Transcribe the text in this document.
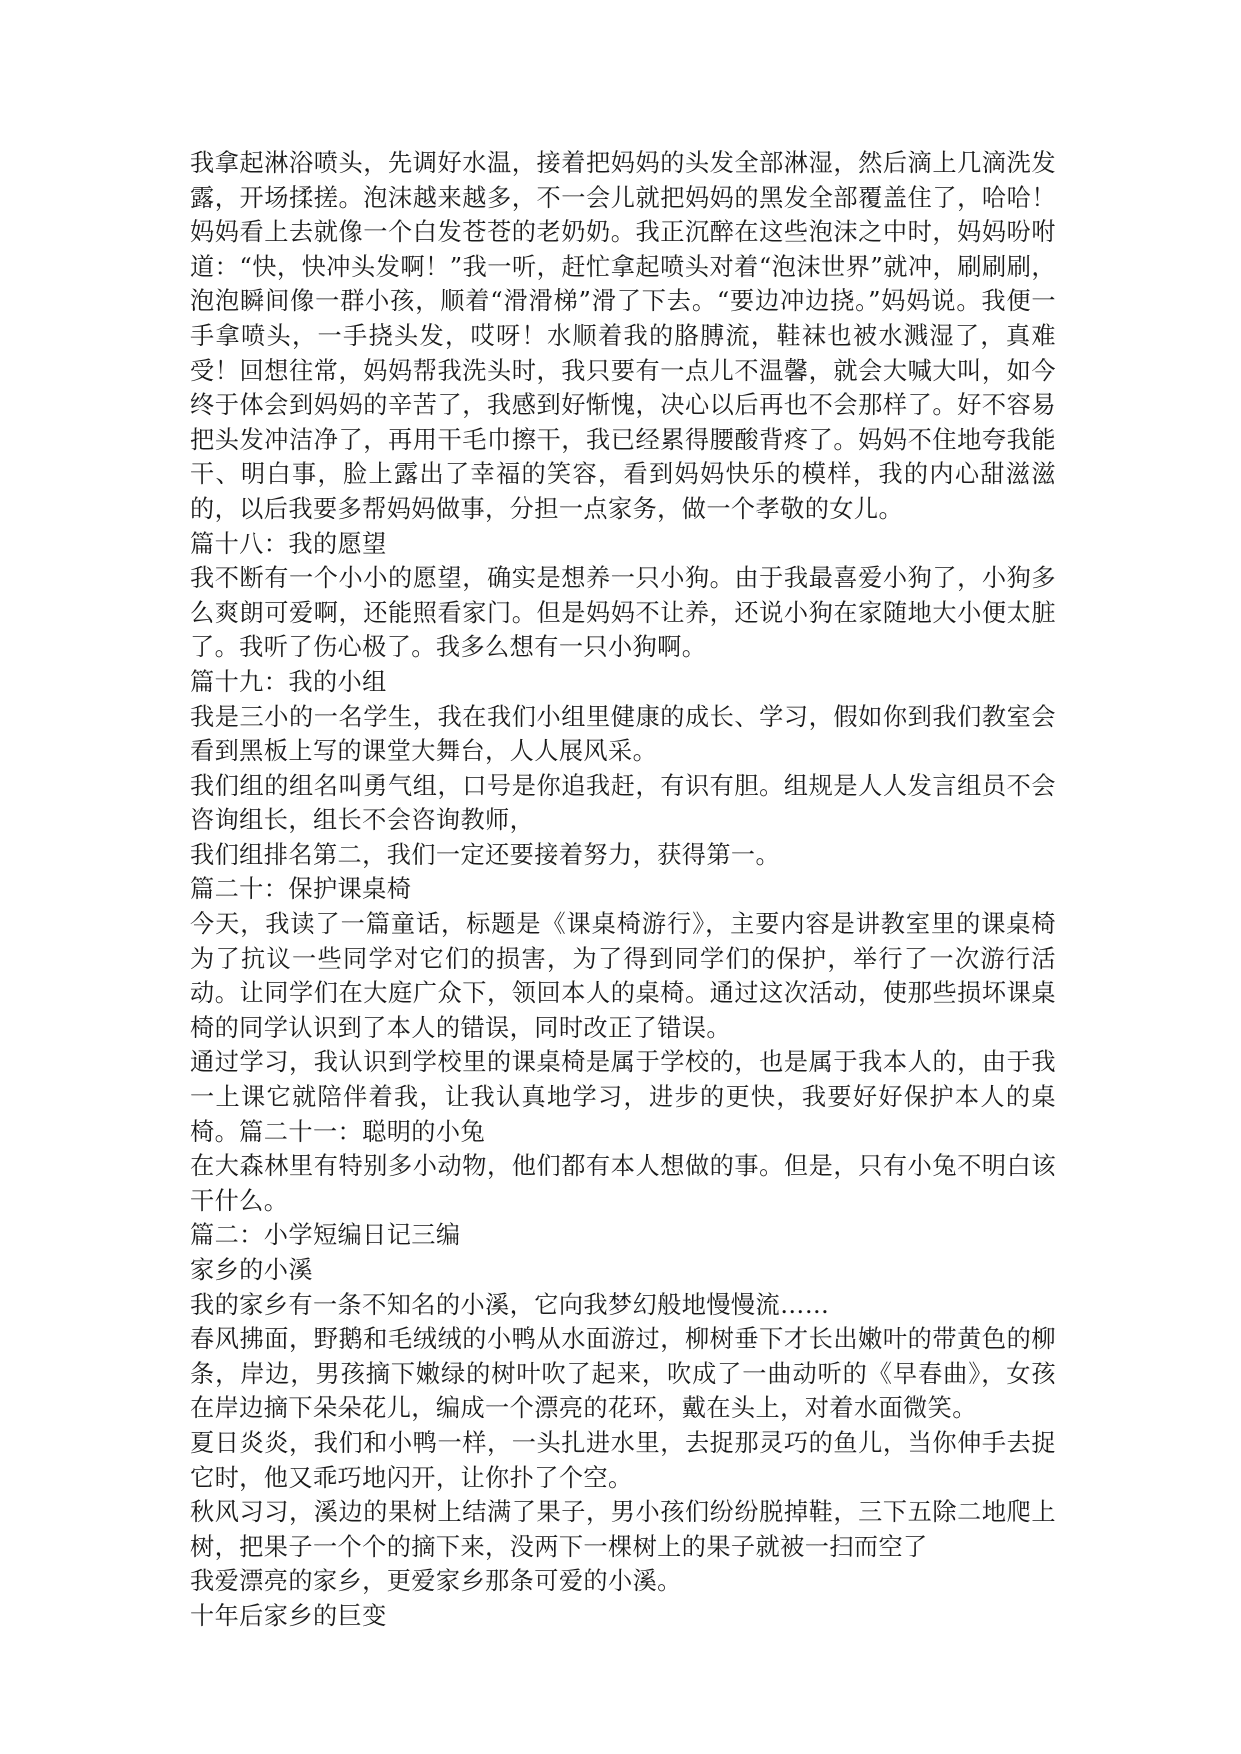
我拿起淋浴喷头，先调好水温，接着把妈妈的头发全部淋湿，然后滴上几滴洗发露，开场揉搓。泡沫越来越多，不一会儿就把妈妈的黑发全部覆盖住了，哈哈！妈妈看上去就像一个白发苍苍的老奶奶。我正沉醉在这些泡沫之中时，妈妈吩咐道：“快，快冲头发啊！”我一听，赶忙拿起喷头对着“泡沫世界”就冲，刷刷刷，泡泡瞬间像一群小孩，顺着“滑滑梯”滑了下去。“要边冲边挠。”妈妈说。我便一手拿喷头，一手挠头发，哎呀！水顺着我的胳膊流，鞋袜也被水溅湿了，真难受！回想往常，妈妈帮我洗头时，我只要有一点儿不温馨，就会大喊大叫，如今终于体会到妈妈的辛苦了，我感到好惭愧，决心以后再也不会那样了。好不容易把头发冲洁净了，再用干毛巾擦干，我已经累得腰酸背疼了。妈妈不住地夸我能干、明白事，脸上露出了幸福的笑容，看到妈妈快乐的模样，我的内心甜滋滋的，以后我要多帮妈妈做事，分担一点家务，做一个孝敬的女儿。

篇十八：我的愿望

我不断有一个小小的愿望，确实是想养一只小狗。由于我最喜爱小狗了，小狗多么爽朗可爱啊，还能照看家门。但是妈妈不让养，还说小狗在家随地大小便太脏了。我听了伤心极了。我多么想有一只小狗啊。

篇十九：我的小组

我是三小的一名学生，我在我们小组里健康的成长、学习，假如你到我们教室会看到黑板上写的课堂大舞台，人人展风采。

我们组的组名叫勇气组，口号是你追我赶，有识有胆。组规是人人发言组员不会咨询组长，组长不会咨询教师，

我们组排名第二，我们一定还要接着努力，获得第一。

篇二十：保护课桌椅

今天，我读了一篇童话，标题是《课桌椅游行》，主要内容是讲教室里的课桌椅为了抗议一些同学对它们的损害，为了得到同学们的保护，举行了一次游行活动。让同学们在大庭广众下，领回本人的桌椅。通过这次活动，使那些损坏课桌椅的同学认识到了本人的错误，同时改正了错误。

通过学习，我认识到学校里的课桌椅是属于学校的，也是属于我本人的，由于我一上课它就陪伴着我，让我认真地学习，进步的更快，我要好好保护本人的桌椅。篇二十一：聪明的小兔

在大森林里有特别多小动物，他们都有本人想做的事。但是，只有小兔不明白该干什么。

篇二：小学短编日记三编

家乡的小溪

我的家乡有一条不知名的小溪，它向我梦幻般地慢慢流……

春风拂面，野鹅和毛绒绒的小鸭从水面游过，柳树垂下才长出嫩叶的带黄色的柳条，岸边，男孩摘下嫩绿的树叶吹了起来，吹成了一曲动听的《早春曲》，女孩在岸边摘下朵朵花儿，编成一个漂亮的花环，戴在头上，对着水面微笑。

夏日炎炎，我们和小鸭一样，一头扎进水里，去捉那灵巧的鱼儿，当你伸手去捉它时，他又乖巧地闪开，让你扑了个空。

秋风习习，溪边的果树上结满了果子，男小孩们纷纷脱掉鞋，三下五除二地爬上树，把果子一个个的摘下来，没两下一棵树上的果子就被一扫而空了

我爱漂亮的家乡，更爱家乡那条可爱的小溪。

十年后家乡的巨变
